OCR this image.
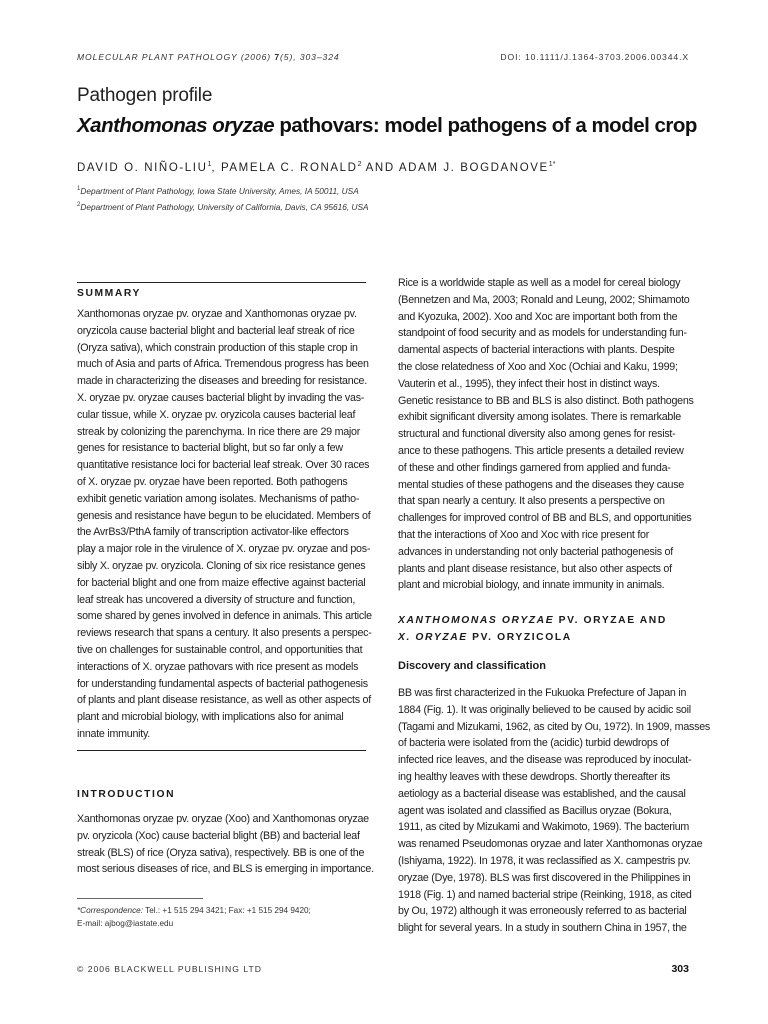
MOLECULAR PLANT PATHOLOGY (2006) 7(5), 303–324	DOI: 10.1111/J.1364-3703.2006.00344.X
Pathogen profile
Xanthomonas oryzae pathovars: model pathogens of a model crop
DAVID O. NIÑO-LIU$^1$, PAMELA C. RONALD$^2$ AND ADAM J. $BOGDANOVE^{1*}$
$^1$Department of Plant Pathology, Iowa State University, Ames, IA 50011, USA
$^2$Department of Plant Pathology, University of California, Davis, CA 95616, USA
SUMMARY
Xanthomonas oryzae pv. oryzae and Xanthomonas oryzae pv.
oryzicola cause bacterial blight and bacterial leaf streak of rice
(Oryza sativa), which constrain production of this staple crop in
much of Asia and parts of Africa. Tremendous progress has been
made in characterizing the diseases and breeding for resistance.
X. oryzae pv. oryzae causes bacterial blight by invading the vas-
cular tissue, while X. oryzae pv. oryzicola causes bacterial leaf
streak by colonizing the parenchyma. In rice there are 29 major
genes for resistance to bacterial blight, but so far only a few
quantitative resistance loci for bacterial leaf streak. Over 30 races
of X. oryzae pv. oryzae have been reported. Both pathogens
exhibit genetic variation among isolates. Mechanisms of patho-
genesis and resistance have begun to be elucidated. Members of
the AvrBs3/PthA family of transcription activator-like effectors
play a major role in the virulence of X. oryzae pv. oryzae and pos-
sibly X. oryzae pv. oryzicola. Cloning of six rice resistance genes
for bacterial blight and one from maize effective against bacterial
leaf streak has uncovered a diversity of structure and function,
some shared by genes involved in defence in animals. This article
reviews research that spans a century. It also presents a perspec-
tive on challenges for sustainable control, and opportunities that
interactions of X. oryzae pathovars with rice present as models
for understanding fundamental aspects of bacterial pathogenesis
of plants and plant disease resistance, as well as other aspects of
plant and microbial biology, with implications also for animal
innate immunity.
INTRODUCTION
Xanthomonas oryzae pv. oryzae (Xoo) and Xanthomonas oryzae
pv. oryzicola (Xoc) cause bacterial blight (BB) and bacterial leaf
streak (BLS) of rice (Oryza sativa), respectively. BB is one of the
most serious diseases of rice, and BLS is emerging in importance.
*Correspondence: Tel.: +1 515 294 3421; Fax: +1 515 294 9420;
E-mail: ajbog@iastate.edu
Rice is a worldwide staple as well as a model for cereal biology
(Bennetzen and Ma, 2003; Ronald and Leung, 2002; Shimamoto
and Kyozuka, 2002). Xoo and Xoc are important both from the
standpoint of food security and as models for understanding fun-
damental aspects of bacterial interactions with plants. Despite
the close relatedness of Xoo and Xoc (Ochiai and Kaku, 1999;
Vauterin et al., 1995), they infect their host in distinct ways.
Genetic resistance to BB and BLS is also distinct. Both pathogens
exhibit significant diversity among isolates. There is remarkable
structural and functional diversity also among genes for resist-
ance to these pathogens. This article presents a detailed review
of these and other findings garnered from applied and funda-
mental studies of these pathogens and the diseases they cause
that span nearly a century. It also presents a perspective on
challenges for improved control of BB and BLS, and opportunities
that the interactions of Xoo and Xoc with rice present for
advances in understanding not only bacterial pathogenesis of
plants and plant disease resistance, but also other aspects of
plant and microbial biology, and innate immunity in animals.
XANTHOMONAS ORYZAE PV. ORYZAE AND
X. ORYZAE PV. ORYZICOLA
Discovery and classification
BB was first characterized in the Fukuoka Prefecture of Japan in
1884 (Fig. 1). It was originally believed to be caused by acidic soil
(Tagami and Mizukami, 1962, as cited by Ou, 1972). In 1909, masses
of bacteria were isolated from the (acidic) turbid dewdrops of
infected rice leaves, and the disease was reproduced by inoculat-
ing healthy leaves with these dewdrops. Shortly thereafter its
aetiology as a bacterial disease was established, and the causal
agent was isolated and classified as Bacillus oryzae (Bokura,
1911, as cited by Mizukami and Wakimoto, 1969). The bacterium
was renamed Pseudomonas oryzae and later Xanthomonas oryzae
(Ishiyama, 1922). In 1978, it was reclassified as X. campestris pv.
oryzae (Dye, 1978). BLS was first discovered in the Philippines in
1918 (Fig. 1) and named bacterial stripe (Reinking, 1918, as cited
by Ou, 1972) although it was erroneously referred to as bacterial
blight for several years. In a study in southern China in 1957, the
© 2006 BLACKWELL PUBLISHING LTD	303
